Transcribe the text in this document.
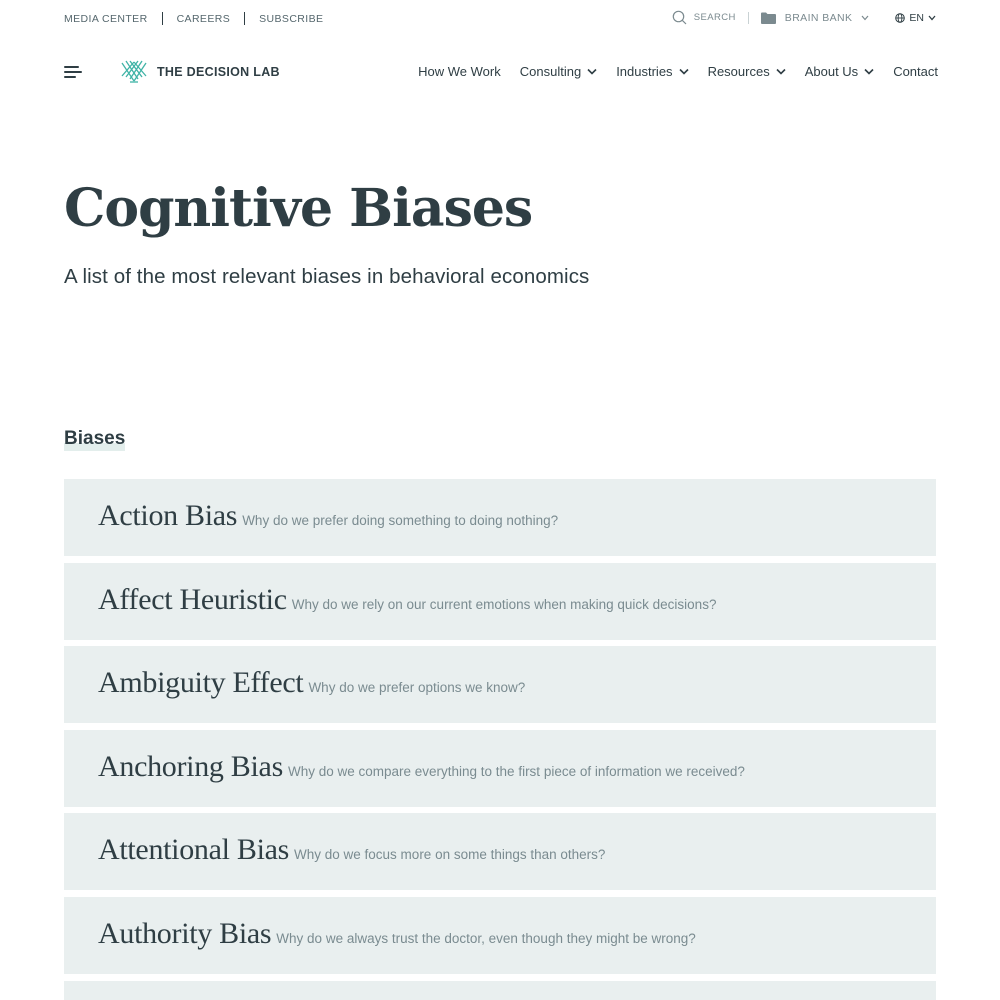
MEDIA CENTER	CAREERS	SUBSCRIBE	SEARCH	BRAIN BANK	EN
THE DECISION LAB	How We Work Consulting	Industries	Resources	About Us	Contact
Cognitive Biases

A list of the most relevant biases in behavioral economics

Biases
Action Bias Why do we prefer doing something to doing nothing?
Affect Heuristic Why do we rely on our current emotions when making quick decisions?
Ambiguity Effect Why do we prefer options we know?
Anchoring Bias Why do we compare everything to the first piece of information we received?
Attentional Bias Why do we focus more on some things than others?
Authority Bias Why do we always trust the doctor, even though they might be wrong?
